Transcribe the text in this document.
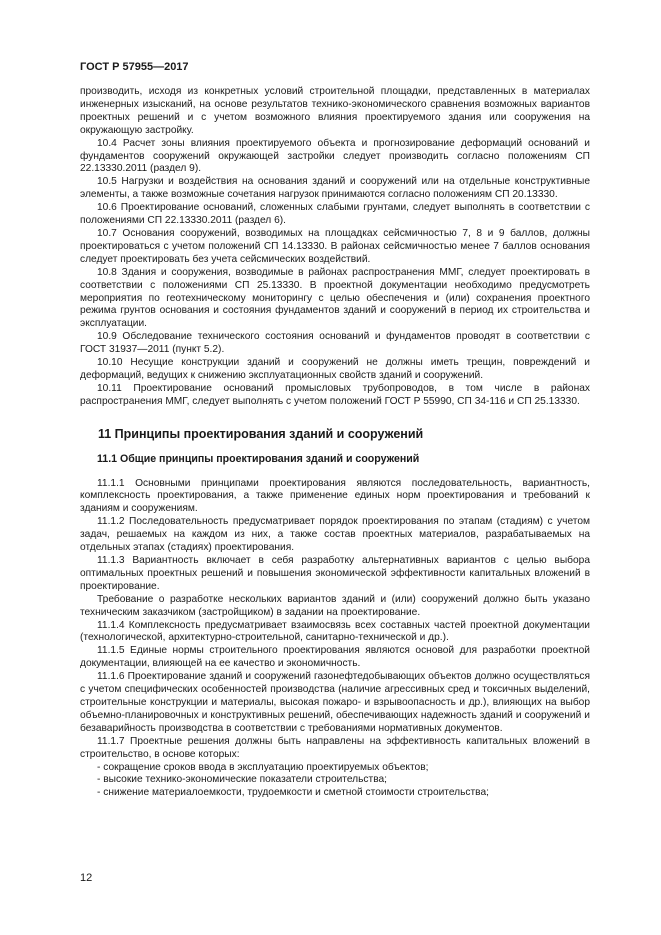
ГОСТ Р 57955—2017

производить, исходя из конкретных условий строительной площадки, представленных в материалах инженерных изысканий, на основе результатов технико-экономического сравнения возможных вариантов проектных решений и с учетом возможного влияния проектируемого здания или сооружения на окружающую застройку.

10.4 Расчет зоны влияния проектируемого объекта и прогнозирование деформаций оснований и фундаментов сооружений окружающей застройки следует производить согласно положениям СП 22.13330.2011 (раздел 9).

10.5 Нагрузки и воздействия на основания зданий и сооружений или на отдельные конструктивные элементы, а также возможные сочетания нагрузок принимаются согласно положениям СП 20.13330.

10.6 Проектирование оснований, сложенных слабыми грунтами, следует выполнять в соответствии с положениями СП 22.13330.2011 (раздел 6).

10.7 Основания сооружений, возводимых на площадках сейсмичностью 7, 8 и 9 баллов, должны проектироваться с учетом положений СП 14.13330. В районах сейсмичностью менее 7 баллов основания следует проектировать без учета сейсмических воздействий.

10.8 Здания и сооружения, возводимые в районах распространения ММГ, следует проектировать в соответствии с положениями СП 25.13330. В проектной документации необходимо предусмотреть мероприятия по геотехническому мониторингу с целью обеспечения и (или) сохранения проектного режима грунтов основания и состояния фундаментов зданий и сооружений в период их строительства и эксплуатации.

10.9 Обследование технического состояния оснований и фундаментов проводят в соответствии с ГОСТ 31937—2011 (пункт 5.2).

10.10 Несущие конструкции зданий и сооружений не должны иметь трещин, повреждений и деформаций, ведущих к снижению эксплуатационных свойств зданий и сооружений.

10.11 Проектирование оснований промысловых трубопроводов, в том числе в районах распространения ММГ, следует выполнять с учетом положений ГОСТ Р 55990, СП 34-116 и СП 25.13330.

11 Принципы проектирования зданий и сооружений
11.1 Общие принципы проектирования зданий и сооружений

11.1.1 Основными принципами проектирования являются последовательность, вариантность, комплексность проектирования, а также применение единых норм проектирования и требований к зданиям и сооружениям.

11.1.2 Последовательность предусматривает порядок проектирования по этапам (стадиям) с учетом задач, решаемых на каждом из них, а также состав проектных материалов, разрабатываемых на отдельных этапах (стадиях) проектирования.

11.1.3 Вариантность включает в себя разработку альтернативных вариантов с целью выбора оптимальных проектных решений и повышения экономической эффективности капитальных вложений в проектирование.

Требование о разработке нескольких вариантов зданий и (или) сооружений должно быть указано техническим заказчиком (застройщиком) в задании на проектирование.

11.1.4 Комплексность предусматривает взаимосвязь всех составных частей проектной документации (технологической, архитектурно-строительной, санитарно-технической и др.).

11.1.5 Единые нормы строительного проектирования являются основой для разработки проектной документации, влияющей на ее качество и экономичность.

11.1.6 Проектирование зданий и сооружений газонефтедобывающих объектов должно осуществляться с учетом специфических особенностей производства (наличие агрессивных сред и токсичных выделений, строительные конструкции и материалы, высокая пожаро- и взрывоопасность и др.), влияющих на выбор объемно-планировочных и конструктивных решений, обеспечивающих надежность зданий и сооружений и безаварийность производства в соответствии с требованиями нормативных документов.

11.1.7 Проектные решения должны быть направлены на эффективность капитальных вложений в строительство, в основе которых:

- сокращение сроков ввода в эксплуатацию проектируемых объектов;
- высокие технико-экономические показатели строительства;
- снижение материалоемкости, трудоемкости и сметной стоимости строительства;
12
